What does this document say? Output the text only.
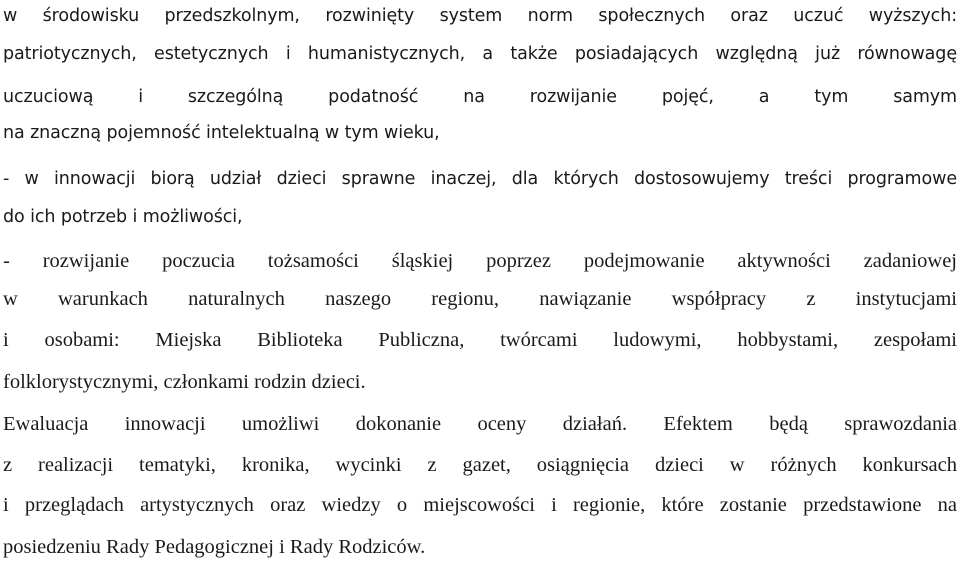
w środowisku przedszkolnym, rozwinięty system norm społecznych oraz uczuć wyższych:
patriotycznych, estetycznych i humanistycznych, a także posiadających względną już równowagę
uczuciową i szczególną podatność na rozwijanie pojęć, a tym samym
na znaczną pojemność intelektualną w tym wieku,
- w innowacji biorą udział dzieci sprawne inaczej, dla których dostosowujemy treści programowe
do ich potrzeb i możliwości,
- rozwijanie poczucia tożsamości śląskiej poprzez podejmowanie aktywności zadaniowej
w warunkach naturalnych naszego regionu, nawiązanie współpracy z instytucjami
i osobami: Miejska Biblioteka Publiczna, twórcami ludowymi, hobbystami, zespołami
folklorystycznymi, członkami rodzin dzieci.
Ewaluacja innowacji umożliwi dokonanie oceny działań. Efektem będą sprawozdania
z realizacji tematyki, kronika, wycinki z gazet, osiągnięcia dzieci w różnych konkursach
i przeglądach artystycznych oraz wiedzy o miejscowości i regionie, które zostanie przedstawione na
posiedzeniu Rady Pedagogicznej i Rady Rodziców.
